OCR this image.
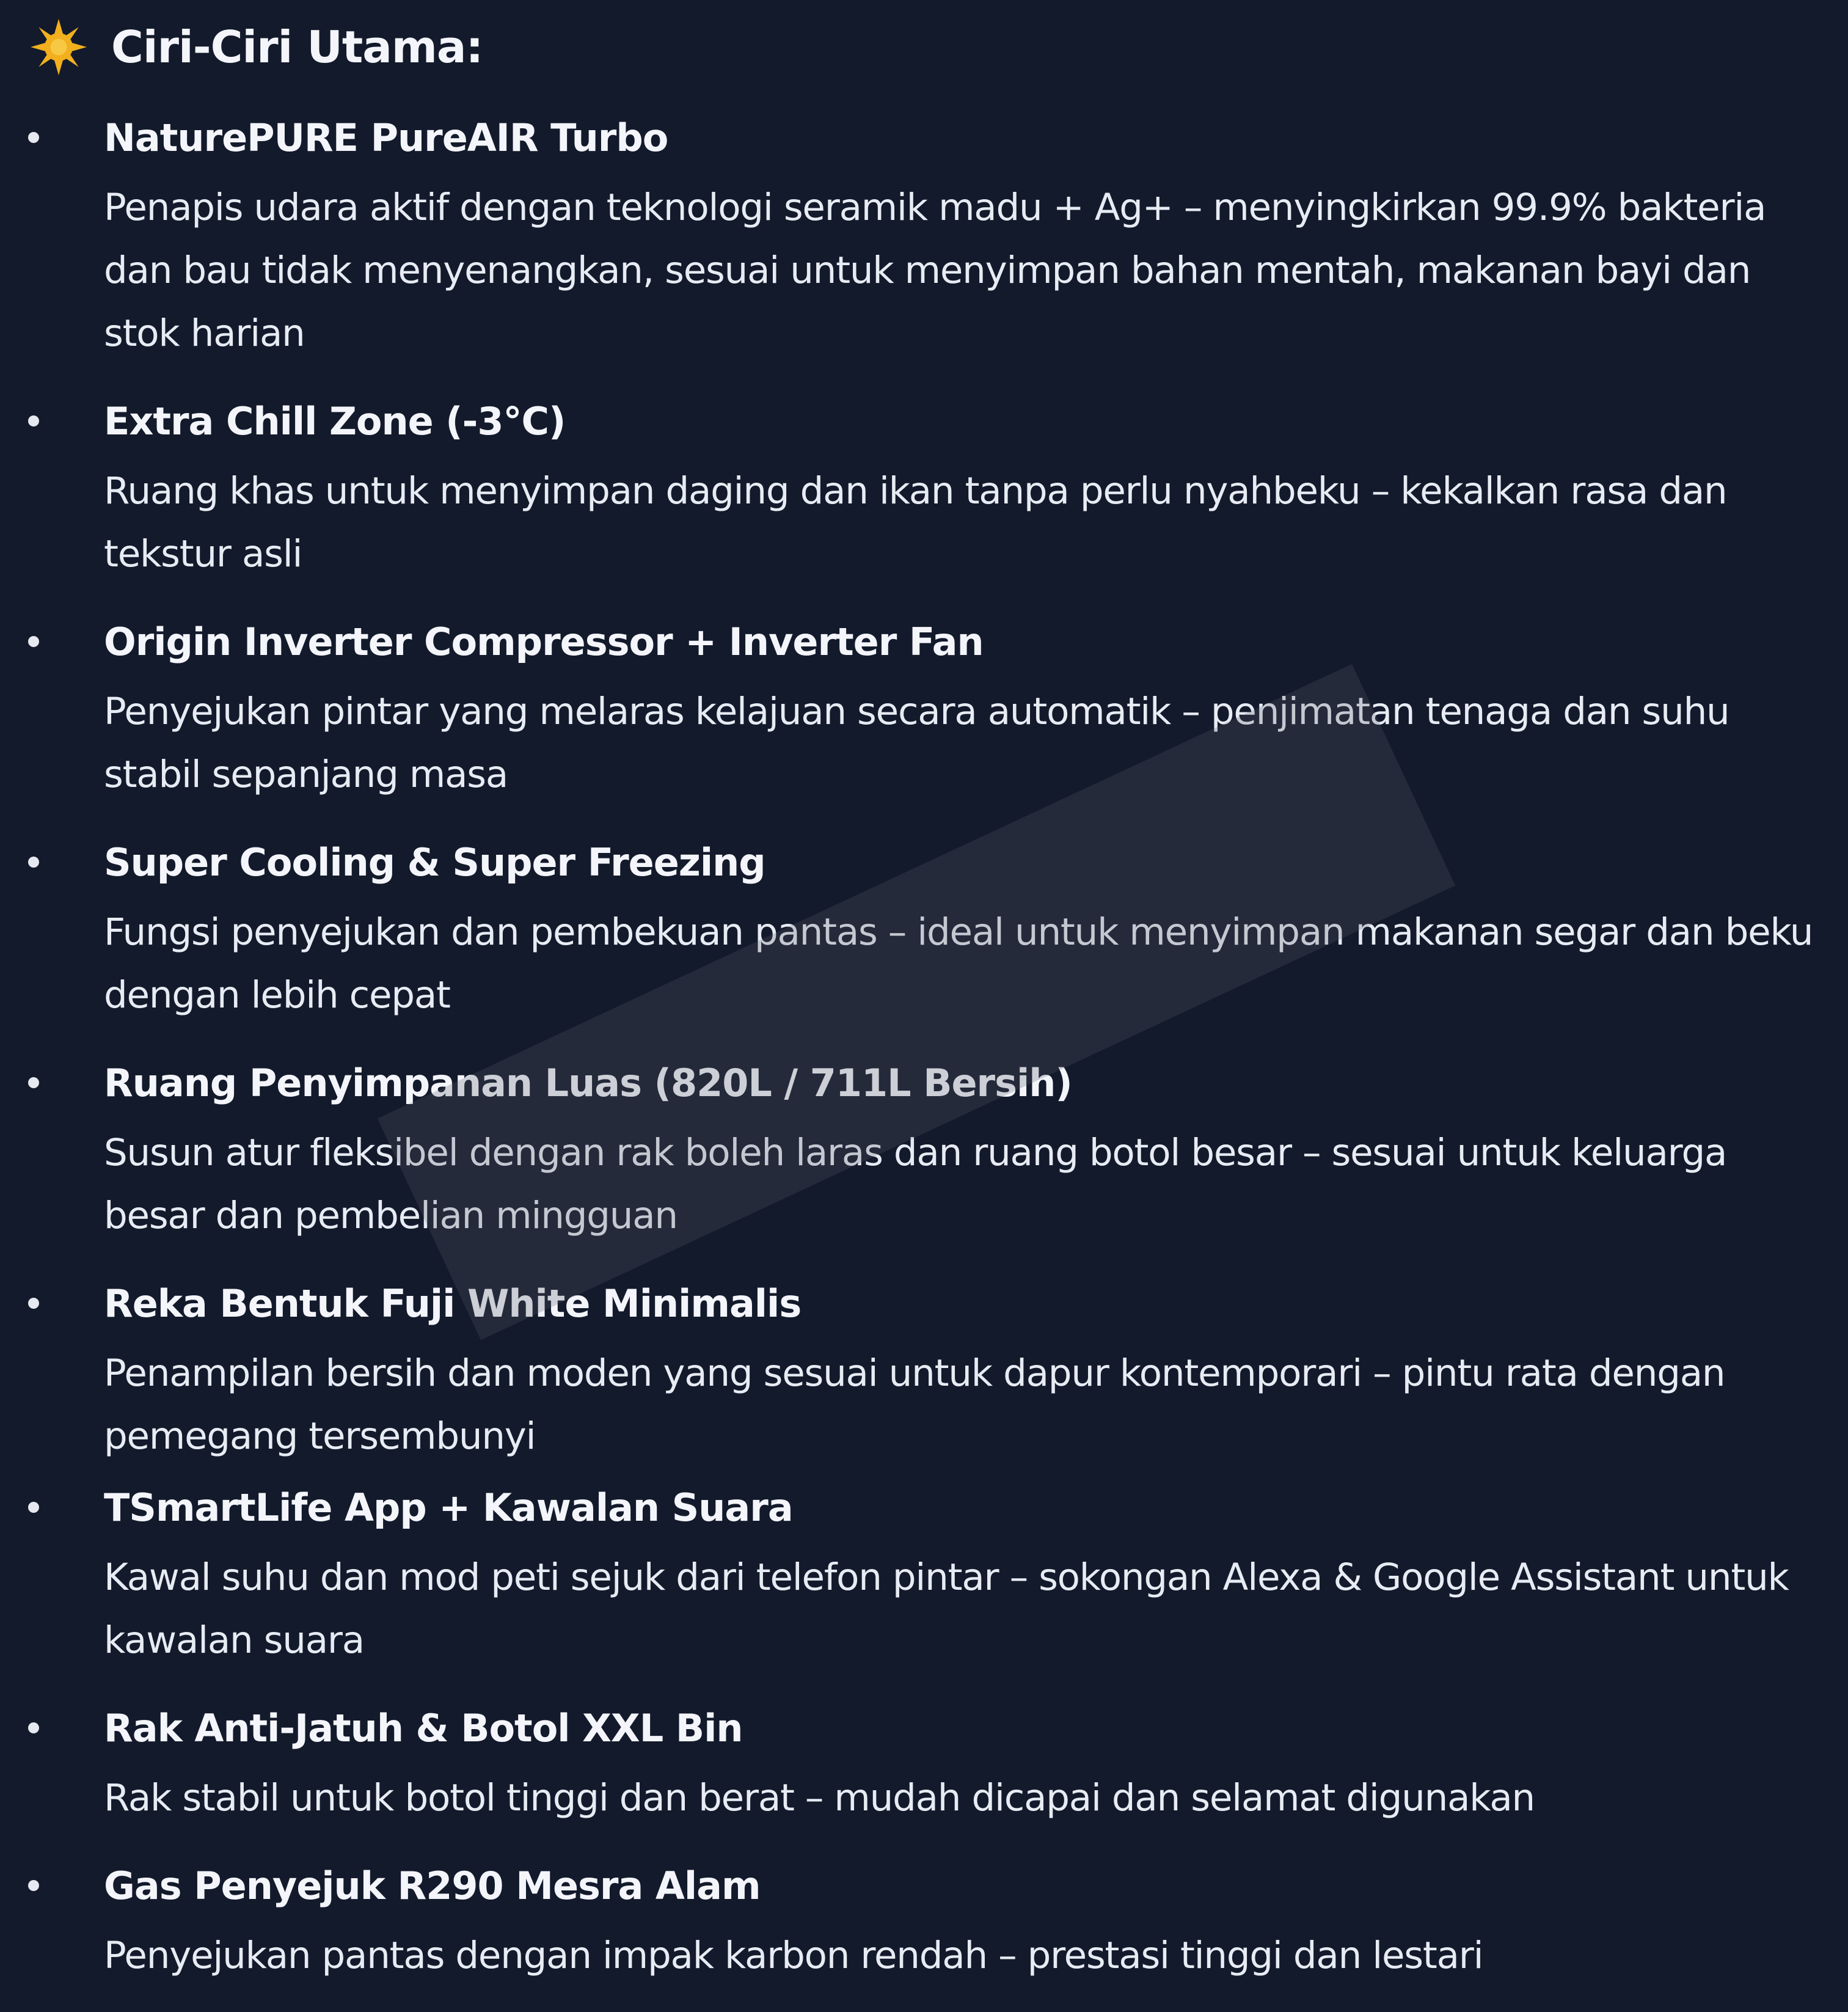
Ciri-Ciri Utama:
NaturePURE PureAIR Turbo
Penapis udara aktif dengan teknologi seramik madu + Ag+ – menyingkirkan 99.9% bakteria dan bau tidak menyenangkan, sesuai untuk menyimpan bahan mentah, makanan bayi dan stok harian
Extra Chill Zone (-3°C)
Ruang khas untuk menyimpan daging dan ikan tanpa perlu nyahbeku – kekalkan rasa dan tekstur asli
Origin Inverter Compressor + Inverter Fan
Penyejukan pintar yang melaras kelajuan secara automatik – penjimatan tenaga dan suhu stabil sepanjang masa
Super Cooling & Super Freezing
Fungsi penyejukan dan pembekuan pantas – ideal untuk menyimpan makanan segar dan beku dengan lebih cepat
Ruang Penyimpanan Luas (820L / 711L Bersih)
Susun atur fleksibel dengan rak boleh laras dan ruang botol besar – sesuai untuk keluarga besar dan pembelian mingguan
Reka Bentuk Fuji White Minimalis
Penampilan bersih dan moden yang sesuai untuk dapur kontemporari – pintu rata dengan pemegang tersembunyi
TSmartLife App + Kawalan Suara
Kawal suhu dan mod peti sejuk dari telefon pintar – sokongan Alexa & Google Assistant untuk kawalan suara
Rak Anti-Jatuh & Botol XXL Bin
Rak stabil untuk botol tinggi dan berat – mudah dicapai dan selamat digunakan
Gas Penyejuk R290 Mesra Alam
Penyejukan pantas dengan impak karbon rendah – prestasi tinggi dan lestari
